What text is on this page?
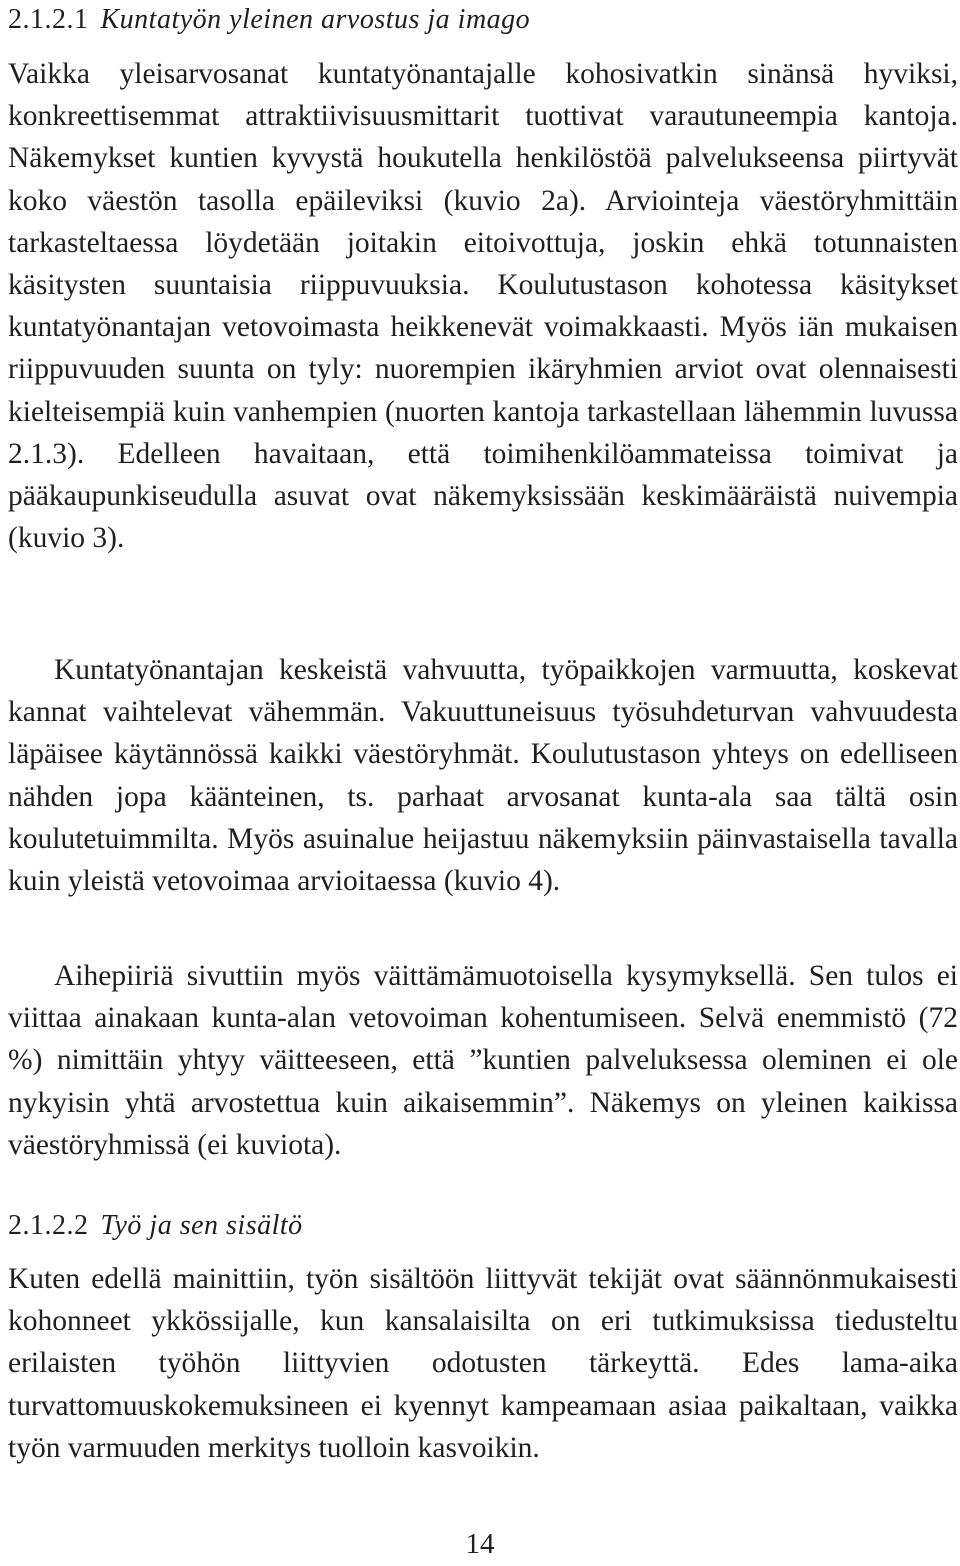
2.1.2.1 Kuntatyön yleinen arvostus ja imago

Vaikka yleisarvosanat kuntatyönantajalle kohosivatkin sinänsä hyviksi, konkreettisemmat attraktiivisuusmittarit tuottivat varautuneempia kantoja. Näkemykset kuntien kyvystä houkutella henkilöstöä palvelukseensa piirtyvät koko väestön tasolla epäileviksi (kuvio 2a). Arviointeja väestöryhmittäin tarkasteltaessa löydetään joitakin eitoivottuja, joskin ehkä totunnaisten käsitysten suuntaisia riippuvuuksia. Koulutustason kohotessa käsitykset kuntatyönantajan vetovoimasta heikkenevät voimakkaasti. Myös iän mukaisen riippuvuuden suunta on tyly: nuorempien ikäryhmien arviot ovat olennaisesti kielteisempiä kuin vanhempien (nuorten kantoja tarkastellaan lähemmin luvussa 2.1.3). Edelleen havaitaan, että toimihenkilöammateissa toimivat ja pääkaupunkiseudulla asuvat ovat näkemyksissään keskimääräistä nuivempia (kuvio 3).

Kuntatyönantajan keskeistä vahvuutta, työpaikkojen varmuutta, koskevat kannat vaihtelevat vähemmän. Vakuuttuneisuus työsuhdeturvan vahvuudesta läpäisee käytännössä kaikki väestöryhmät. Koulutustason yhteys on edelliseen nähden jopa käänteinen, ts. parhaat arvosanat kunta-ala saa tältä osin koulutetuimmilta. Myös asuinalue heijastuu näkemyksiin päinvastaisella tavalla kuin yleistä vetovoimaa arvioitaessa (kuvio 4).

Aihepiiriä sivuttiin myös väittämämuotoisella kysymyksellä. Sen tulos ei viittaa ainakaan kunta-alan vetovoiman kohentumiseen. Selvä enemmistö (72 %) nimittäin yhtyy väitteeseen, että ”kuntien palveluksessa oleminen ei ole nykyisin yhtä arvostettua kuin aikaisemmin”. Näkemys on yleinen kaikissa väestöryhmissä (ei kuviota).

2.1.2.2 Työ ja sen sisältö

Kuten edellä mainittiin, työn sisältöön liittyvät tekijät ovat säännönmukaisesti kohonneet ykkössijalle, kun kansalaisilta on eri tutkimuksissa tiedusteltu erilaisten työhön liittyvien odotusten tärkeyttä. Edes lama-aika turvattomuuskokemuksineen ei kyennyt kampeamaan asiaa paikaltaan, vaikka työn varmuuden merkitys tuolloin kasvoikin.

14
